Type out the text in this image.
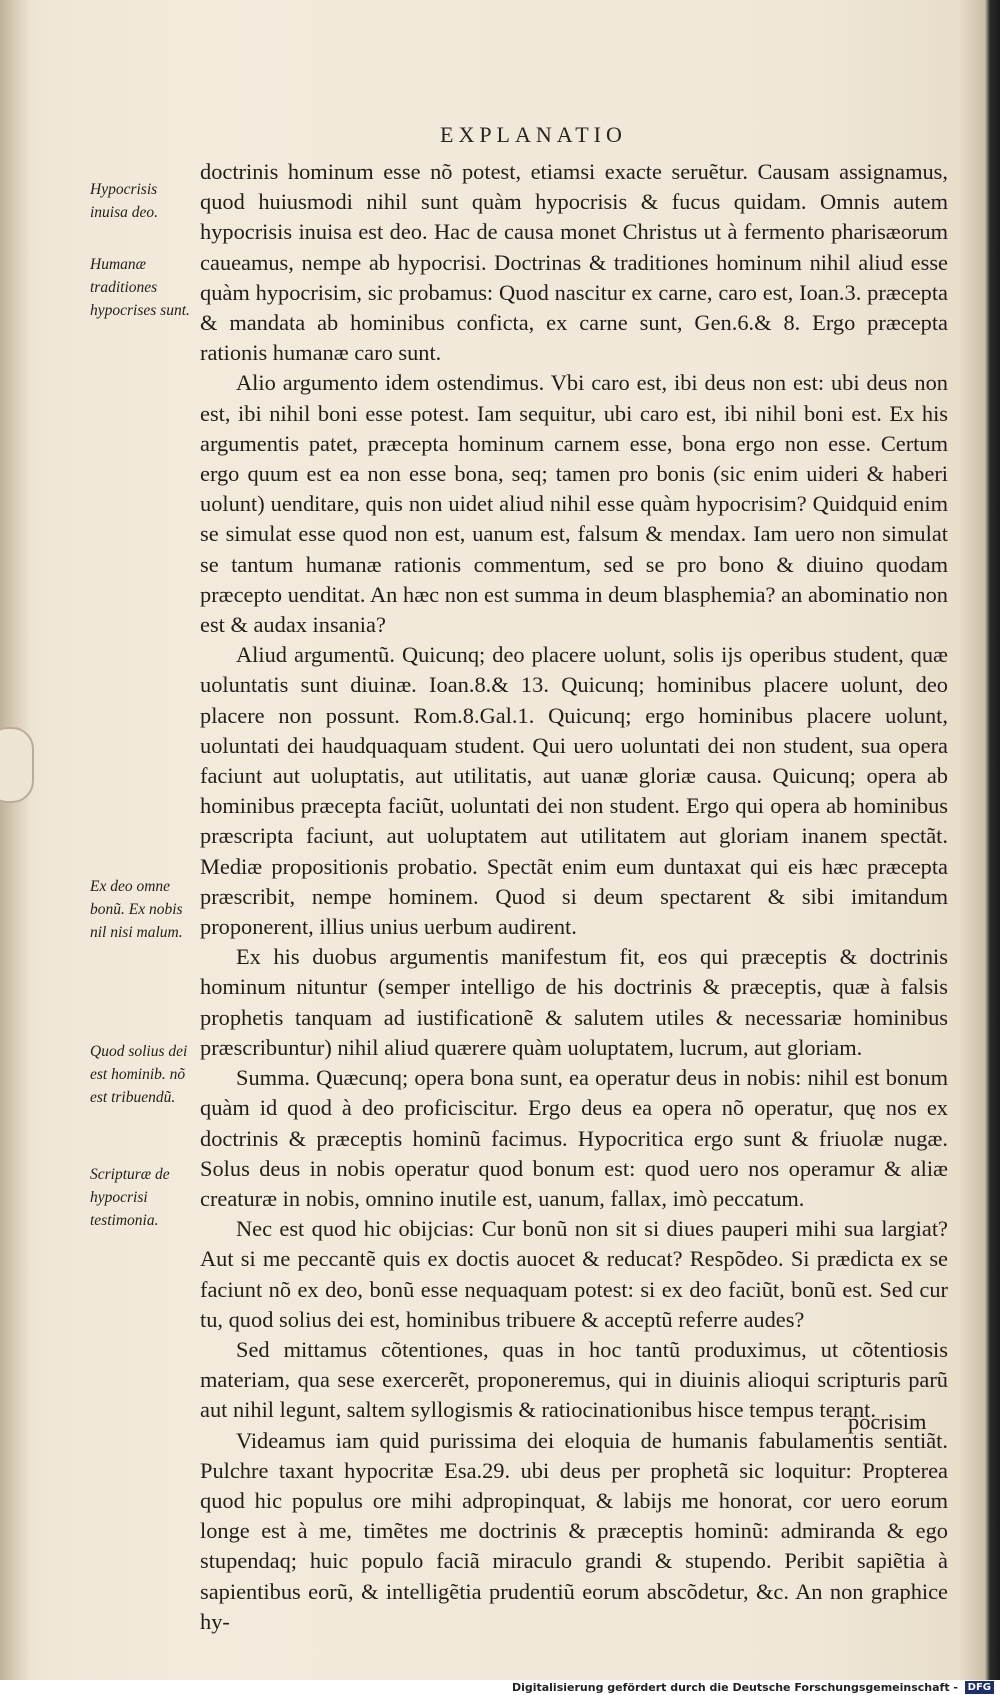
EXPLANATIO
Hypocrisis inuisa deo.
Humanæ traditiones hypocrises sunt.
Ex deo omne bonũ. Ex nobis nil nisi malum.
Quod solius dei est hominib. nõ est tribuendũ.
Scripturæ de hypocrisi testimonia.

doctrinis hominum esse nõ potest, etiamsi exacte seruẽtur. Causam assignamus, quod huiusmodi nihil sunt quàm hypocrisis & fucus quidam. Omnis autem hypocrisis inuisa est deo. Hac de causa monet Christus ut à fermento pharisæorum caueamus, nempe ab hypocrisi. Doctrinas & traditiones hominum nihil aliud esse quàm hypocrisim, sic probamus: Quod nascitur ex carne, caro est, Ioan.3. præcepta & mandata ab hominibus conficta, ex carne sunt, Gen.6.& 8. Ergo præcepta rationis humanæ caro sunt.

Alio argumento idem ostendimus. Vbi caro est, ibi deus non est: ubi deus non est, ibi nihil boni esse potest. Iam sequitur, ubi caro est, ibi nihil boni est. Ex his argumentis patet, præcepta hominum carnem esse, bona ergo non esse. Certum ergo quum est ea non esse bona, seq; tamen pro bonis (sic enim uideri & haberi uolunt) uenditare, quis non uidet aliud nihil esse quàm hypocrisim? Quidquid enim se simulat esse quod non est, uanum est, falsum & mendax. Iam uero non simulat se tantum humanæ rationis commentum, sed se pro bono & diuino quodam præcepto uenditat. An hæc non est summa in deum blasphemia? an abominatio non est & audax insania?

Aliud argumentũ. Quicunq; deo placere uolunt, solis ijs operibus student, quæ uoluntatis sunt diuinæ. Ioan.8.& 13. Quicunq; hominibus placere uolunt, deo placere non possunt. Rom.8.Gal.1. Quicunq; ergo hominibus placere uolunt, uoluntati dei haudquaquam student. Qui uero uoluntati dei non student, sua opera faciunt aut uoluptatis, aut utilitatis, aut uanæ gloriæ causa. Quicunq; opera ab hominibus præcepta faciũt, uoluntati dei non student. Ergo qui opera ab hominibus præscripta faciunt, aut uoluptatem aut utilitatem aut gloriam inanem spectãt. Mediæ propositionis probatio. Spectãt enim eum duntaxat qui eis hæc præcepta præscribit, nempe hominem. Quod si deum spectarent & sibi imitandum proponerent, illius unius uerbum audirent.

Ex his duobus argumentis manifestum fit, eos qui præceptis & doctrinis hominum nituntur (semper intelligo de his doctrinis & præceptis, quæ à falsis prophetis tanquam ad iustificationẽ & salutem utiles & necessariæ hominibus præscribuntur) nihil aliud quærere quàm uoluptatem, lucrum, aut gloriam.

Summa. Quæcunq; opera bona sunt, ea operatur deus in nobis: nihil est bonum quàm id quod à deo proficiscitur. Ergo deus ea opera nõ operatur, quę nos ex doctrinis & præceptis hominũ facimus. Hypocritica ergo sunt & friuolæ nugæ. Solus deus in nobis operatur quod bonum est: quod uero nos operamur & aliæ creaturæ in nobis, omnino inutile est, uanum, fallax, imò peccatum.

Nec est quod hic obijcias: Cur bonũ non sit si diues pauperi mihi sua largiat? Aut si me peccantẽ quis ex doctis auocet & reducat? Respõdeo. Si prædicta ex se faciunt nõ ex deo, bonũ esse nequaquam potest: si ex deo faciũt, bonũ est. Sed cur tu, quod solius dei est, hominibus tribuere & acceptũ referre audes?

Sed mittamus cõtentiones, quas in hoc tantũ produximus, ut cõtentiosis materiam, qua sese exercerẽt, proponeremus, qui in diuinis alioqui scripturis parũ aut nihil legunt, saltem syllogismis & ratiocinationibus hisce tempus terant.

Videamus iam quid purissima dei eloquia de humanis fabulamentis sentiãt. Pulchre taxant hypocritæ Esa.29. ubi deus per prophetã sic loquitur: Propterea quod hic populus ore mihi adpropinquat, & labijs me honorat, cor uero eorum longe est à me, timẽtes me doctrinis & præceptis hominũ: admiranda & ego stupendaq; huic populo faciã miraculo grandi & stupendo. Peribit sapiẽtia à sapientibus eorũ, & intelligẽtia prudentiũ eorum abscõdetur, &c. An non graphice hy-

pocrisim
Digitalisierung gefördert durch die Deutsche Forschungsgemeinschaft - DFG
